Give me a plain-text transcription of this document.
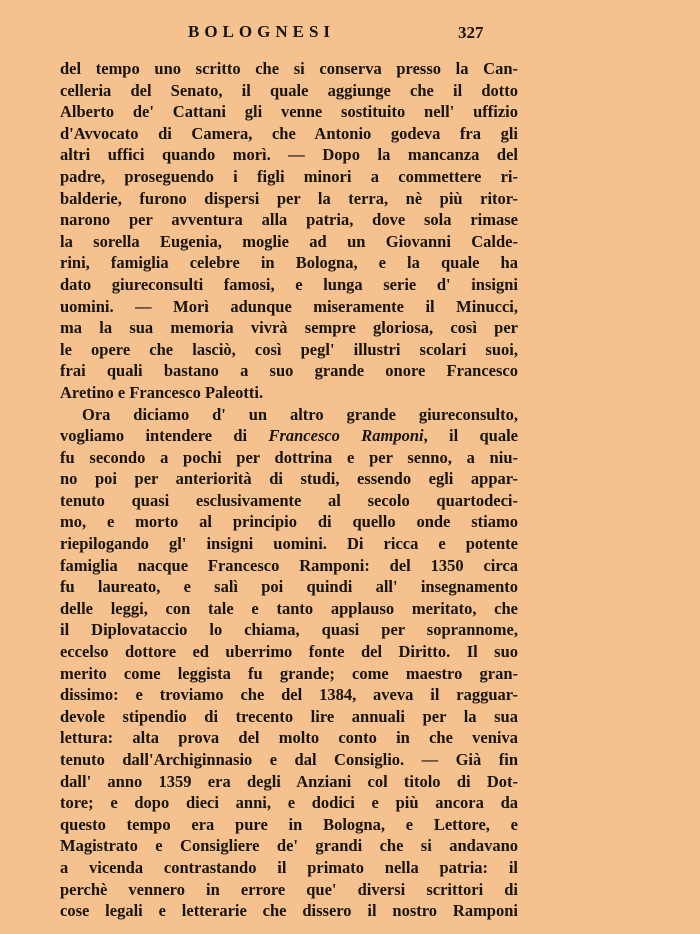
BOLOGNESI	327
del tempo uno scritto che si conserva presso la Can-
celleria del Senato, il quale aggiunge che il dotto
Alberto de' Cattani gli venne sostituito nell' uffizio
d'Avvocato di Camera, che Antonio godeva fra gli
altri uffici quando morì. — Dopo la mancanza del
padre, proseguendo i figli minori a commettere ri-
balderie, furono dispersi per la terra, nè più ritor-
narono per avventura alla patria, dove sola rimase
la sorella Eugenia, moglie ad un Giovanni Calde-
rini, famiglia celebre in Bologna, e la quale ha
dato giureconsulti famosi, e lunga serie d' insigni
uomini. — Morì adunque miseramente il Minucci,
ma la sua memoria vivrà sempre gloriosa, così per
le opere che lasciò, così pegl' illustri scolari suoi,
frai quali bastano a suo grande onore Francesco
Aretino e Francesco Paleotti.
Ora diciamo d' un altro grande giureconsulto,
vogliamo intendere di Francesco Ramponi, il quale
fu secondo a pochi per dottrina e per senno, a niu-
no poi per anteriorità di studi, essendo egli appar-
tenuto quasi esclusivamente al secolo quartodeci-
mo, e morto al principio di quello onde stiamo
riepilogando gl' insigni uomini. Di ricca e potente
famiglia nacque Francesco Ramponi: del 1350 circa
fu laureato, e salì poi quindi all' insegnamento
delle leggi, con tale e tanto applauso meritato, che
il Diplovataccio lo chiama, quasi per soprannome,
eccelso dottore ed uberrimo fonte del Diritto. Il suo
merito come leggista fu grande; come maestro gran-
dissimo: e troviamo che del 1384, aveva il ragguar-
devole stipendio di trecento lire annuali per la sua
lettura: alta prova del molto conto in che veniva
tenuto dall'Archiginnasio e dal Consiglio. — Già fin
dall' anno 1359 era degli Anziani col titolo di Dot-
tore; e dopo dieci anni, e dodici e più ancora da
questo tempo era pure in Bologna, e Lettore, e
Magistrato e Consigliere de' grandi che si andavano
a vicenda contrastando il primato nella patria: il
perchè vennero in errore que' diversi scrittori di
cose legali e letterarie che dissero il nostro Ramponi
